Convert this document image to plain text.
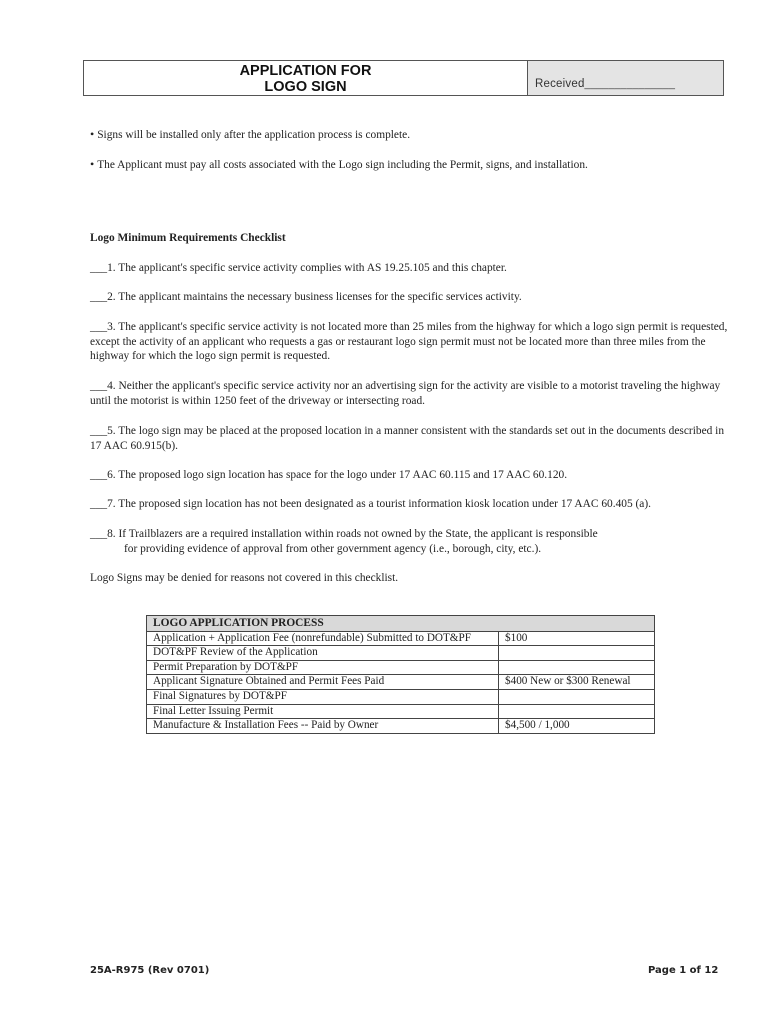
APPLICATION FOR
LOGO SIGN	Received_______________
• Signs will be installed only after the application process is complete.
• The Applicant must pay all costs associated with the Logo sign including the Permit, signs, and installation.
Logo Minimum Requirements Checklist
___1. The applicant's specific service activity complies with AS 19.25.105 and this chapter.
___2. The applicant maintains the necessary business licenses for the specific services activity.
___3. The applicant's specific service activity is not located more than 25 miles from the highway for which a logo sign permit is requested, except the activity of an applicant who requests a gas or restaurant logo sign permit must not be located more than three miles from the highway for which the logo sign permit is requested.
___4. Neither the applicant's specific service activity nor an advertising sign for the activity are visible to a motorist traveling the highway until the motorist is within 1250 feet of the driveway or intersecting road.
___5. The logo sign may be placed at the proposed location in a manner consistent with the standards set out in the documents described in 17 AAC 60.915(b).
___6. The proposed logo sign location has space for the logo under 17 AAC 60.115 and 17 AAC 60.120.
___7. The proposed sign location has not been designated as a tourist information kiosk location under 17 AAC 60.405 (a).
___8. If Trailblazers are a required installation within roads not owned by the State, the applicant is responsible
for providing evidence of approval from other government agency (i.e., borough, city, etc.).
Logo Signs may be denied for reasons not covered in this checklist.
LOGO APPLICATION PROCESS	
Application + Application Fee (nonrefundable) Submitted to DOT&PF	$100
DOT&PF Review of the Application	
Permit Preparation by DOT&PF	
Applicant Signature Obtained and Permit Fees Paid	$400 New or $300 Renewal
Final Signatures by DOT&PF	
Final Letter Issuing Permit	
Manufacture & Installation Fees -- Paid by Owner	$4,500 / 1,000
25A-R975 (Rev 0701)	Page 1 of 12
